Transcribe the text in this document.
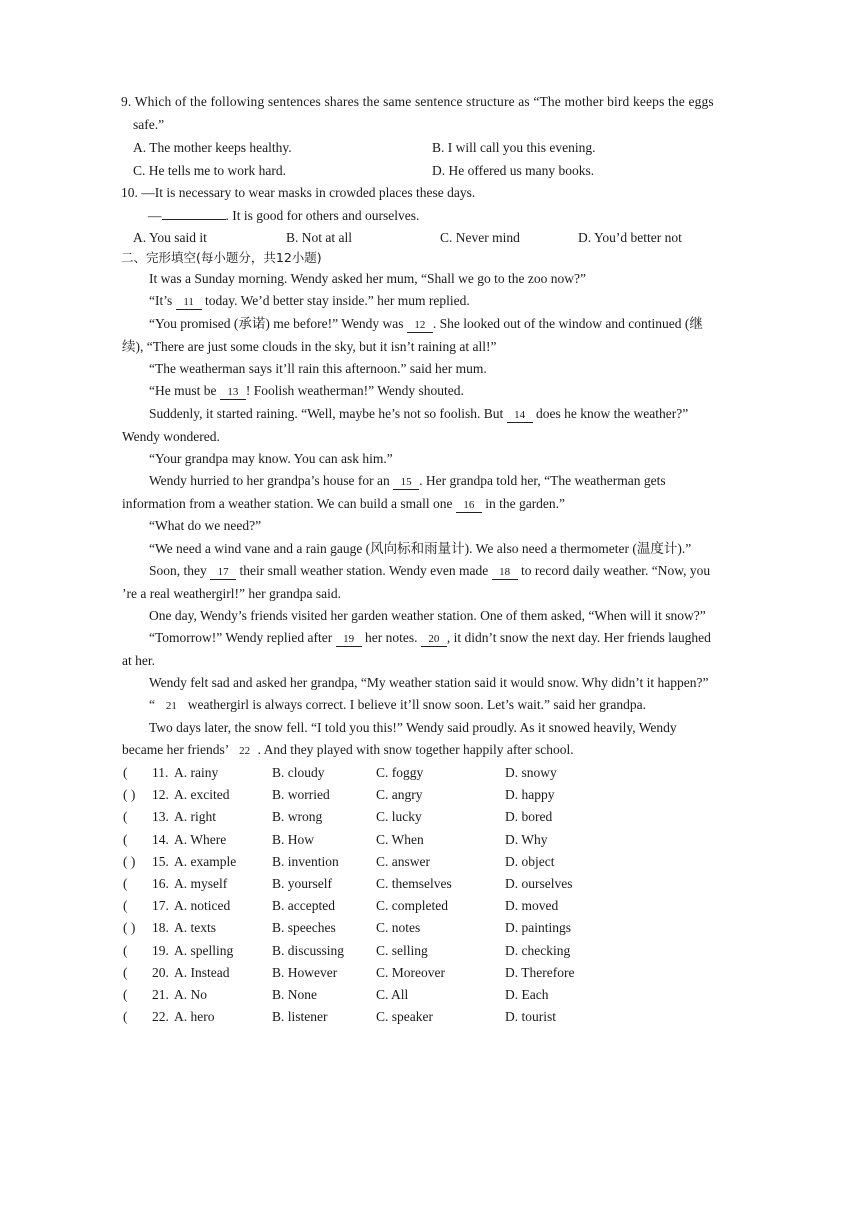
9. Which of the following sentences shares the same sentence structure as “The mother bird keeps the eggs
safe.”
A. The mother keeps healthy.	B. I will call you this evening.
C. He tells me to work hard.	D. He offered us many books.
10. —It is necessary to wear masks in crowded places these days.
—	. It is good for others and ourselves.
A. You said it	B. Not at all	C. Never mind	D. You’d better not
二、完形填空(每小题分，共12小题)
It was a Sunday morning. Wendy asked her mum, “Shall we go to the zoo now?”
“It’s 11 today. We’d better stay inside.” her mum replied.
“You promised (承诺) me before!” Wendy was 12 . She looked out of the window and continued (继
续), “There are just some clouds in the sky, but it isn’t raining at all!”
“The weatherman says it’ll rain this afternoon.” said her mum.
“He must be 13 ! Foolish weatherman!” Wendy shouted.
Suddenly, it started raining. “Well, maybe he’s not so foolish. But 14 does he know the weather?”
Wendy wondered.
“Your grandpa may know. You can ask him.”
Wendy hurried to her grandpa’s house for an 15 . Her grandpa told her, “The weatherman gets
information from a weather station. We can build a small one 16 in the garden.”
“What do we need?”
“We need a wind vane and a rain gauge (风向标和雨量计). We also need a thermometer (温度计).”
Soon, they 17 their small weather station. Wendy even made 18 to record daily weather. “Now, you
’re a real weathergirl!” her grandpa said.
One day, Wendy’s friends visited her garden weather station. One of them asked, “When will it snow?”
“Tomorrow!” Wendy replied after 19 her notes. 20 , it didn’t snow the next day. Her friends laughed
at her.
Wendy felt sad and asked her grandpa, “My weather station said it would snow. Why didn’t it happen?”
“ 21 weathergirl is always correct. I believe it’ll snow soon. Let’s wait.” said her grandpa.
Two days later, the snow fell. “I told you this!” Wendy said proudly. As it snowed heavily, Wendy
became her friends’ 22 . And they played with snow together happily after school.
( 11. A. rainy	B. cloudy	C. foggy	D. snowy
( ) 12. A. excited	B. worried	C. angry	D. happy
( 13. A. right	B. wrong	C. lucky	D. bored
( 14. A. Where	B. How	C. When	D. Why
( ) 15. A. example	B. invention	C. answer	D. object
( 16. A. myself	B. yourself	C. themselves	D. ourselves
( 17. A. noticed	B. accepted	C. completed	D. moved
( ) 18. A. texts	B. speeches	C. notes	D. paintings
( 19. A. spelling	B. discussing C. selling	D. checking
( 20. A. Instead	B. However	C. Moreover	D. Therefore
( 21. A. No	B. None	C. All	D. Each
( 22. A. hero	B. listener	C. speaker	D. tourist
